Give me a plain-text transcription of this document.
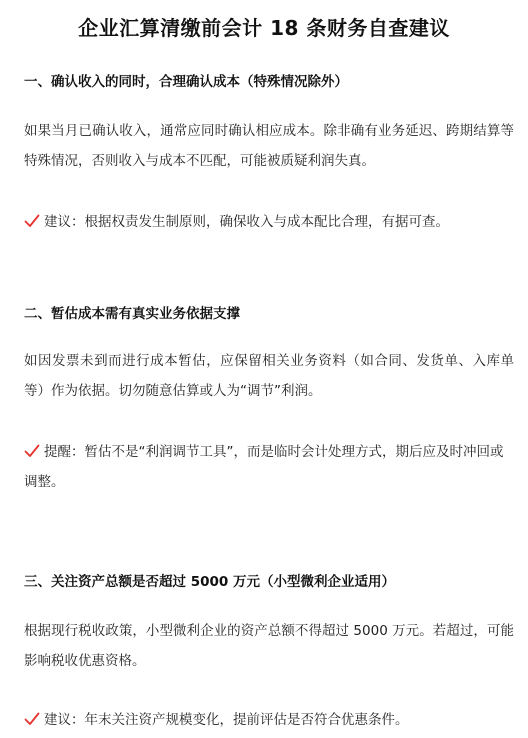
企业汇算清缴前会计 18 条财务自查建议
一、确认收入的同时，合理确认成本（特殊情况除外）
如果当月已确认收入，通常应同时确认相应成本。除非确有业务延迟、跨期结算等特殊情况，否则收入与成本不匹配，可能被质疑利润失真。
建议：根据权责发生制原则，确保收入与成本配比合理，有据可查。
二、暂估成本需有真实业务依据支撑
如因发票未到而进行成本暂估，应保留相关业务资料（如合同、发货单、入库单等）作为依据。切勿随意估算或人为“调节”利润。
提醒：暂估不是“利润调节工具”，而是临时会计处理方式，期后应及时冲回或调整。
三、关注资产总额是否超过 5000 万元（小型微利企业适用）
根据现行税收政策，小型微利企业的资产总额不得超过 5000 万元。若超过，可能影响税收优惠资格。
建议：年末关注资产规模变化，提前评估是否符合优惠条件。
